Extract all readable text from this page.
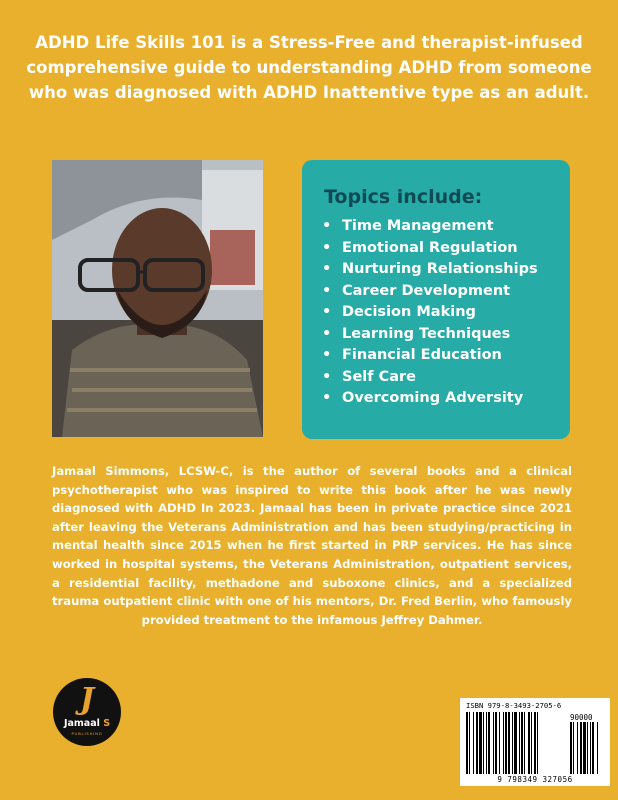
ADHD Life Skills 101 is a Stress-Free and therapist-infused comprehensive guide to understanding ADHD from someone who was diagnosed with ADHD Inattentive type as an adult.
Topics include:
• Time Management
• Emotional Regulation
• Nurturing Relationships
• Career Development
• Decision Making
• Learning Techniques
• Financial Education
• Self Care
• Overcoming Adversity
Jamaal Simmons, LCSW-C, is the author of several books and a clinical psychotherapist who was inspired to write this book after he was newly diagnosed with ADHD In 2023. Jamaal has been in private practice since 2021 after leaving the Veterans Administration and has been studying/practicing in mental health since 2015 when he first started in PRP services. He has since worked in hospital systems, the Veterans Administration, outpatient services, a residential facility, methadone and suboxone clinics, and a specialized trauma outpatient clinic with one of his mentors, Dr. Fred Berlin, who famously provided treatment to the infamous Jeffrey Dahmer.
J
Jamaal S
PUBLISHING
ISBN 979-8-3493-2705-6
90000
9 798349 327056
